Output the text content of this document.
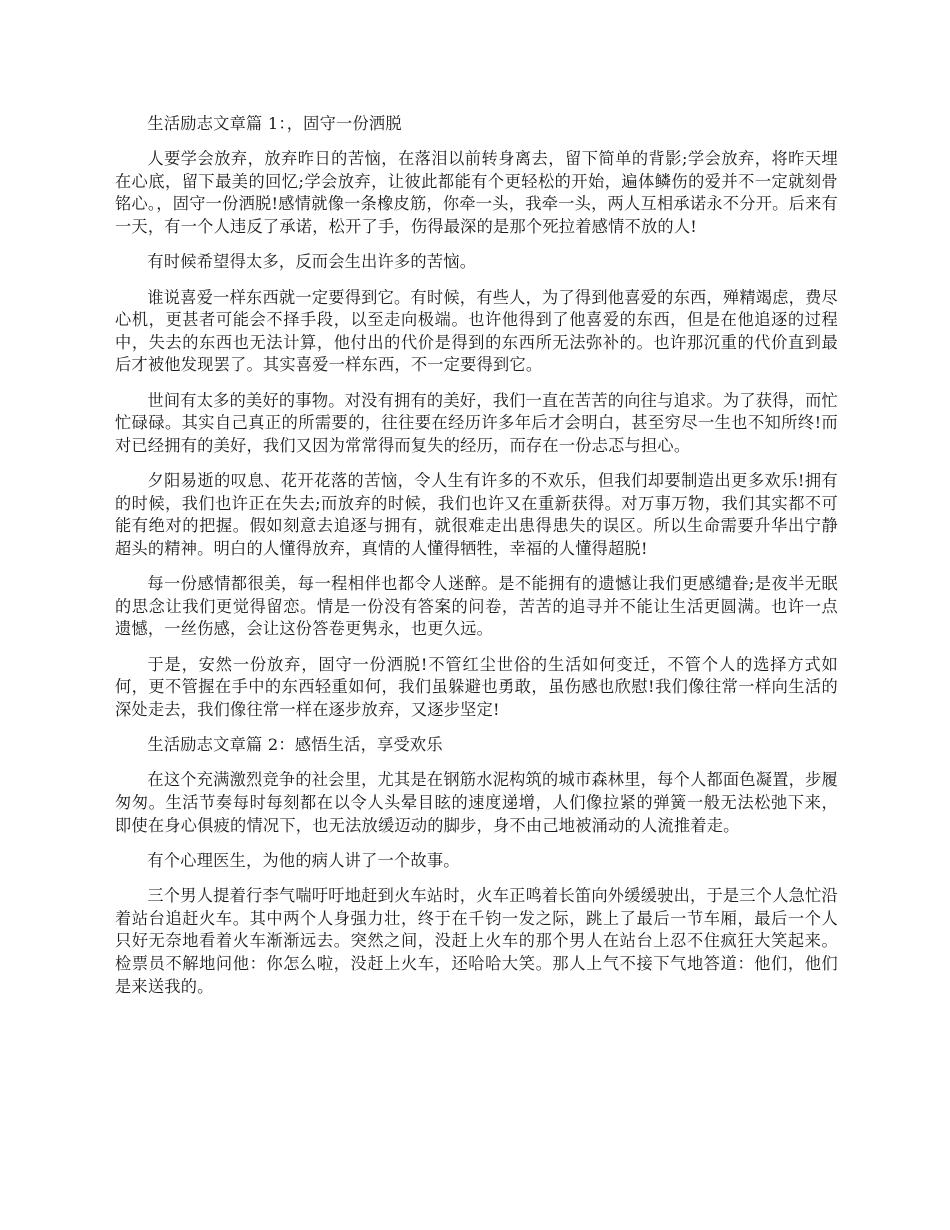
生活励志文章篇 1：，固守一份洒脱

人要学会放弃，放弃昨日的苦恼，在落泪以前转身离去，留下简单的背影;学会放弃，将昨天埋在心底，留下最美的回忆;学会放弃，让彼此都能有个更轻松的开始，遍体鳞伤的爱并不一定就刻骨铭心。，固守一份洒脱!感情就像一条橡皮筋，你牵一头，我牵一头，两人互相承诺永不分开。后来有一天，有一个人违反了承诺，松开了手，伤得最深的是那个死拉着感情不放的人!

有时候希望得太多，反而会生出许多的苦恼。

谁说喜爱一样东西就一定要得到它。有时候，有些人，为了得到他喜爱的东西，殚精竭虑，费尽心机，更甚者可能会不择手段，以至走向极端。也许他得到了他喜爱的东西，但是在他追逐的过程中，失去的东西也无法计算，他付出的代价是得到的东西所无法弥补的。也许那沉重的代价直到最后才被他发现罢了。其实喜爱一样东西，不一定要得到它。

世间有太多的美好的事物。对没有拥有的美好，我们一直在苦苦的向往与追求。为了获得，而忙忙碌碌。其实自己真正的所需要的，往往要在经历许多年后才会明白，甚至穷尽一生也不知所终!而对已经拥有的美好，我们又因为常常得而复失的经历，而存在一份忐忑与担心。

夕阳易逝的叹息、花开花落的苦恼，令人生有许多的不欢乐，但我们却要制造出更多欢乐!拥有的时候，我们也许正在失去;而放弃的时候，我们也许又在重新获得。对万事万物，我们其实都不可能有绝对的把握。假如刻意去追逐与拥有，就很难走出患得患失的误区。所以生命需要升华出宁静超头的精神。明白的人懂得放弃，真情的人懂得牺牲，幸福的人懂得超脱!

每一份感情都很美，每一程相伴也都令人迷醉。是不能拥有的遗憾让我们更感缱眷;是夜半无眠的思念让我们更觉得留恋。情是一份没有答案的问卷，苦苦的追寻并不能让生活更圆满。也许一点遗憾，一丝伤感，会让这份答卷更隽永，也更久远。

于是，安然一份放弃，固守一份洒脱!不管红尘世俗的生活如何变迁，不管个人的选择方式如何，更不管握在手中的东西轻重如何，我们虽躲避也勇敢，虽伤感也欣慰!我们像往常一样向生活的深处走去，我们像往常一样在逐步放弃，又逐步坚定!

生活励志文章篇 2：感悟生活，享受欢乐

在这个充满激烈竞争的社会里，尤其是在钢筋水泥构筑的城市森林里，每个人都面色凝置，步履匆匆。生活节奏每时每刻都在以令人头晕目眩的速度递增，人们像拉紧的弹簧一般无法松弛下来，即使在身心俱疲的情况下，也无法放缓迈动的脚步，身不由己地被涌动的人流推着走。

有个心理医生，为他的病人讲了一个故事。

三个男人提着行李气喘吁吁地赶到火车站时，火车正鸣着长笛向外缓缓驶出，于是三个人急忙沿着站台追赶火车。其中两个人身强力壮，终于在千钧一发之际，跳上了最后一节车厢，最后一个人只好无奈地看着火车渐渐远去。突然之间，没赶上火车的那个男人在站台上忍不住疯狂大笑起来。检票员不解地问他：你怎么啦，没赶上火车，还哈哈大笑。那人上气不接下气地答道：他们，他们是来送我的。
